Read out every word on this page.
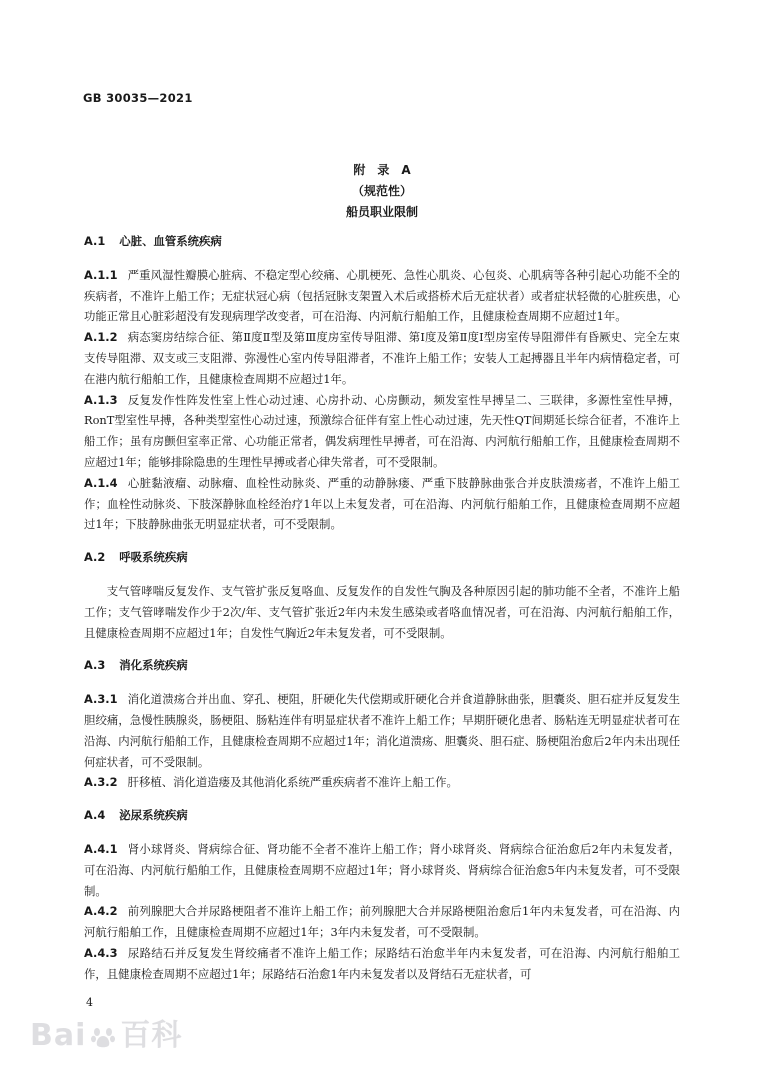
GB 30035—2021
附　录　A
（规范性）
船员职业限制
A.1 心脏、血管系统疾病

A.1.1 严重风湿性瓣膜心脏病、不稳定型心绞痛、心肌梗死、急性心肌炎、心包炎、心肌病等各种引起心功能不全的疾病者，不准许上船工作；无症状冠心病（包括冠脉支架置入术后或搭桥术后无症状者）或者症状轻微的心脏疾患，心功能正常且心脏彩超没有发现病理学改变者，可在沿海、内河航行船舶工作，且健康检查周期不应超过1年。

A.1.2 病态窦房结综合征、第Ⅱ度Ⅱ型及第Ⅲ度房室传导阻滞、第Ⅰ度及第Ⅱ度Ⅰ型房室传导阻滞伴有昏厥史、完全左束支传导阻滞、双支或三支阻滞、弥漫性心室内传导阻滞者，不准许上船工作；安装人工起搏器且半年内病情稳定者，可在港内航行船舶工作，且健康检查周期不应超过1年。

A.1.3 反复发作性阵发性室上性心动过速、心房扑动、心房颤动，频发室性早搏呈二、三联律，多源性室性早搏，RonT型室性早搏，各种类型室性心动过速，预激综合征伴有室上性心动过速，先天性QT间期延长综合征者，不准许上船工作；虽有房颤但室率正常、心功能正常者，偶发病理性早搏者，可在沿海、内河航行船舶工作，且健康检查周期不应超过1年；能够排除隐患的生理性早搏或者心律失常者，可不受限制。

A.1.4 心脏黏液瘤、动脉瘤、血栓性动脉炎、严重的动静脉瘘、严重下肢静脉曲张合并皮肤溃疡者，不准许上船工作；血栓性动脉炎、下肢深静脉血栓经治疗1年以上未复发者，可在沿海、内河航行船舶工作，且健康检查周期不应超过1年；下肢静脉曲张无明显症状者，可不受限制。

A.2 呼吸系统疾病

支气管哮喘反复发作、支气管扩张反复咯血、反复发作的自发性气胸及各种原因引起的肺功能不全者，不准许上船工作；支气管哮喘发作少于2次/年、支气管扩张近2年内未发生感染或者咯血情况者，可在沿海、内河航行船舶工作，且健康检查周期不应超过1年；自发性气胸近2年未复发者，可不受限制。

A.3 消化系统疾病

A.3.1 消化道溃疡合并出血、穿孔、梗阻，肝硬化失代偿期或肝硬化合并食道静脉曲张，胆囊炎、胆石症并反复发生胆绞痛，急慢性胰腺炎，肠梗阻、肠粘连伴有明显症状者不准许上船工作；早期肝硬化患者、肠粘连无明显症状者可在沿海、内河航行船舶工作，且健康检查周期不应超过1年；消化道溃疡、胆囊炎、胆石症、肠梗阻治愈后2年内未出现任何症状者，可不受限制。

A.3.2 肝移植、消化道造瘘及其他消化系统严重疾病者不准许上船工作。

A.4 泌尿系统疾病

A.4.1 肾小球肾炎、肾病综合征、肾功能不全者不准许上船工作；肾小球肾炎、肾病综合征治愈后2年内未复发者，可在沿海、内河航行船舶工作，且健康检查周期不应超过1年；肾小球肾炎、肾病综合征治愈5年内未复发者，可不受限制。

A.4.2 前列腺肥大合并尿路梗阻者不准许上船工作；前列腺肥大合并尿路梗阻治愈后1年内未复发者，可在沿海、内河航行船舶工作，且健康检查周期不应超过1年；3年内未复发者，可不受限制。

A.4.3 尿路结石并反复发生肾绞痛者不准许上船工作；尿路结石治愈半年内未复发者，可在沿海、内河航行船舶工作，且健康检查周期不应超过1年；尿路结石治愈1年内未复发者以及肾结石无症状者，可

4
Bai 百科
